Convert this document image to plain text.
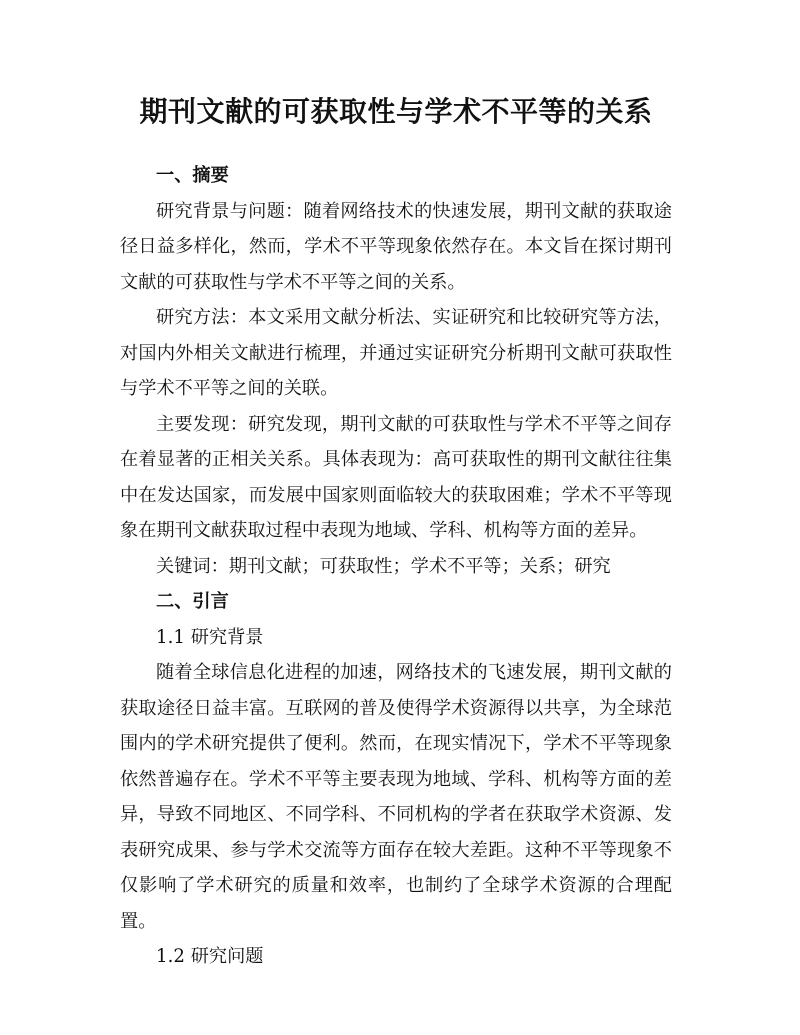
期刊文献的可获取性与学术不平等的关系

一、摘要

研究背景与问题：随着网络技术的快速发展，期刊文献的获取途径日益多样化，然而，学术不平等现象依然存在。本文旨在探讨期刊文献的可获取性与学术不平等之间的关系。

研究方法：本文采用文献分析法、实证研究和比较研究等方法，对国内外相关文献进行梳理，并通过实证研究分析期刊文献可获取性与学术不平等之间的关联。

主要发现：研究发现，期刊文献的可获取性与学术不平等之间存在着显著的正相关关系。具体表现为：高可获取性的期刊文献往往集中在发达国家，而发展中国家则面临较大的获取困难；学术不平等现象在期刊文献获取过程中表现为地域、学科、机构等方面的差异。

关键词：期刊文献；可获取性；学术不平等；关系；研究

二、引言

1.1 研究背景

随着全球信息化进程的加速，网络技术的飞速发展，期刊文献的获取途径日益丰富。互联网的普及使得学术资源得以共享，为全球范围内的学术研究提供了便利。然而，在现实情况下，学术不平等现象依然普遍存在。学术不平等主要表现为地域、学科、机构等方面的差异，导致不同地区、不同学科、不同机构的学者在获取学术资源、发表研究成果、参与学术交流等方面存在较大差距。这种不平等现象不仅影响了学术研究的质量和效率，也制约了全球学术资源的合理配置。

1.2 研究问题
